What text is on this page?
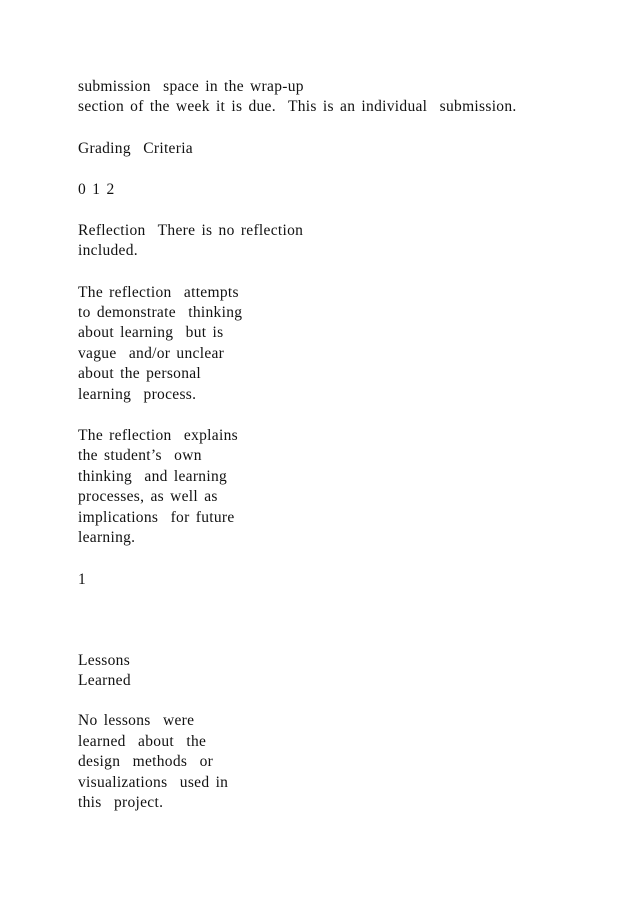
submission  space in the wrap-up

section of the week it is due.  This is an individual  submission.

Grading  Criteria

0 1 2

Reflection  There is no reflection

included.

The reflection  attempts

to demonstrate  thinking

about learning  but is

vague  and/or unclear

about the personal

learning  process.

The reflection  explains

the student’s  own

thinking  and learning

processes, as well as

implications  for future

learning.

1

Lessons

Learned

No lessons  were

learned  about  the

design  methods  or

visualizations  used in

this  project.
